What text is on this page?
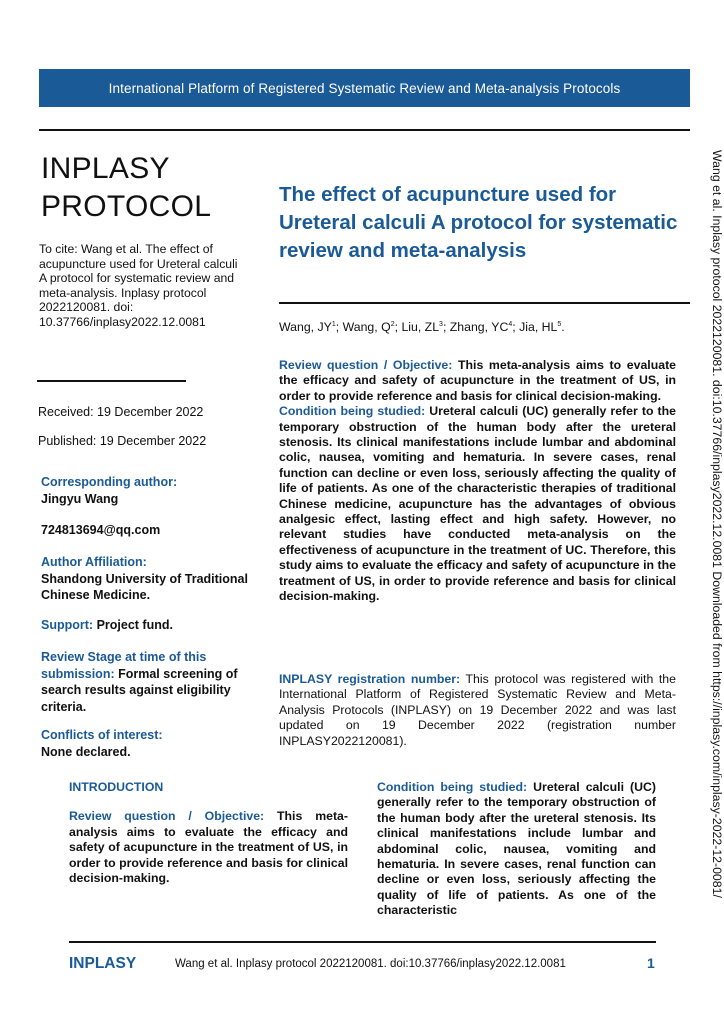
International Platform of Registered Systematic Review and Meta-analysis Protocols
INPLASY
PROTOCOL
To cite: Wang et al. The effect of acupuncture used for Ureteral calculi A protocol for systematic review and meta-analysis. Inplasy protocol 2022120081. doi: 10.37766/inplasy2022.12.0081
Received: 19 December 2022
Published: 19 December 2022
Corresponding author:
Jingyu Wang
724813694@qq.com
Author Affiliation:
Shandong University of Traditional Chinese Medicine.
Support: Project fund.
Review Stage at time of this submission: Formal screening of search results against eligibility criteria.
Conflicts of interest:
None declared.
The effect of acupuncture used for Ureteral calculi A protocol for systematic review and meta-analysis
Wang, $JY^1$; Wang, $Q^2$; Liu, $ZL^3$; Zhang, $YC^4$; Jia, $HL^5$.

Review question / Objective: This meta-analysis aims to evaluate the efficacy and safety of acupuncture in the treatment of US, in order to provide reference and basis for clinical decision-making.

Condition being studied: Ureteral calculi (UC) generally refer to the temporary obstruction of the human body after the ureteral stenosis. Its clinical manifestations include lumbar and abdominal colic, nausea, vomiting and hematuria. In severe cases, renal function can decline or even loss, seriously affecting the quality of life of patients. As one of the characteristic therapies of traditional Chinese medicine, acupuncture has the advantages of obvious analgesic effect, lasting effect and high safety. However, no relevant studies have conducted meta-analysis on the effectiveness of acupuncture in the treatment of UC. Therefore, this study aims to evaluate the efficacy and safety of acupuncture in the treatment of US, in order to provide reference and basis for clinical decision-making.

INPLASY registration number: This protocol was registered with the International Platform of Registered Systematic Review and Meta-Analysis Protocols (INPLASY) on 19 December 2022 and was last updated on 19 December 2022 (registration number INPLASY2022120081).
INTRODUCTION

Review question / Objective: This meta-analysis aims to evaluate the efficacy and safety of acupuncture in the treatment of US, in order to provide reference and basis for clinical decision-making.

Condition being studied: Ureteral calculi (UC) generally refer to the temporary obstruction of the human body after the ureteral stenosis. Its clinical manifestations include lumbar and abdominal colic, nausea, vomiting and hematuria. In severe cases, renal function can decline or even loss, seriously affecting the quality of life of patients. As one of the characteristic

Wang et al. Inplasy protocol 2022120081. doi:10.37766/inplasy2022.12.0081 Downloaded from https://inplasy.com/inplasy-2022-12-0081/
INPLASY	Wang et al. Inplasy protocol 2022120081. doi:10.37766/inplasy2022.12.0081	1
